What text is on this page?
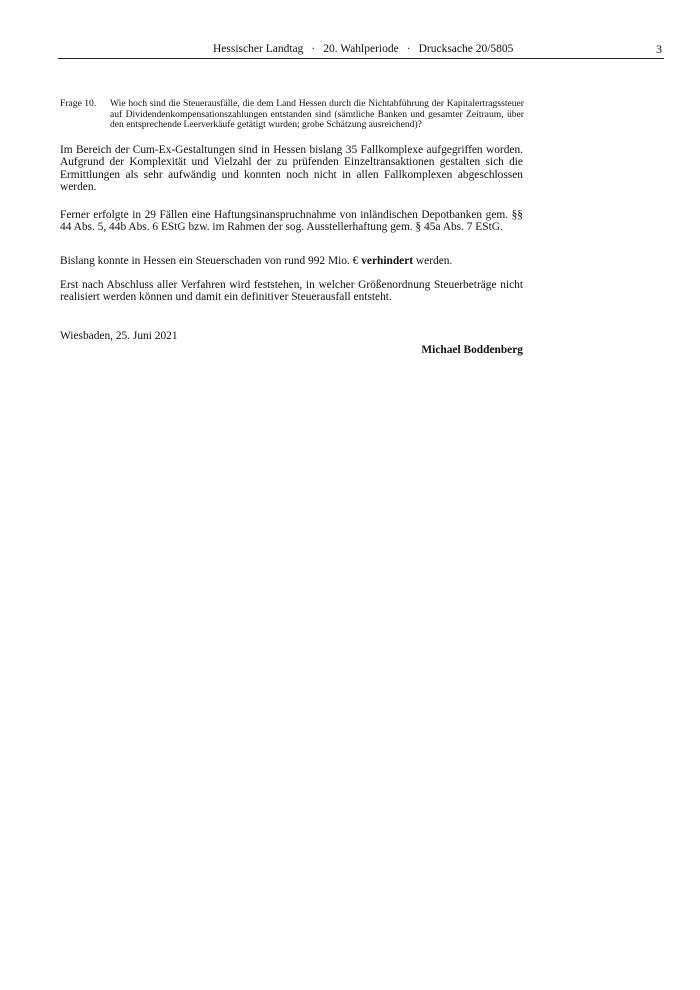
Hessischer Landtag · 20. Wahlperiode · Drucksache 20/5805	3
Frage 10. Wie hoch sind die Steuerausfälle, die dem Land Hessen durch die Nichtabführung der Kapitalertragssteuer auf Dividendenkompensationszahlungen entstanden sind (sämtliche Banken und gesamter Zeitraum, über den entsprechende Leerverkäufe getätigt wurden; grobe Schätzung ausreichend)?

Im Bereich der Cum-Ex-Gestaltungen sind in Hessen bislang 35 Fallkomplexe aufgegriffen worden. Aufgrund der Komplexität und Vielzahl der zu prüfenden Einzeltransaktionen gestalten sich die Ermittlungen als sehr aufwändig und konnten noch nicht in allen Fallkomplexen abgeschlossen werden.

Ferner erfolgte in 29 Fällen eine Haftungsinanspruchnahme von inländischen Depotbanken gem. §§ 44 Abs. 5, 44b Abs. 6 EStG bzw. im Rahmen der sog. Ausstellerhaftung gem. § 45a Abs. 7 EStG.

Bislang konnte in Hessen ein Steuerschaden von rund 992 Mio. € verhindert werden.

Erst nach Abschluss aller Verfahren wird feststehen, in welcher Größenordnung Steuerbeträge nicht realisiert werden können und damit ein definitiver Steuerausfall entsteht.

Wiesbaden, 25. Juni 2021
Michael Boddenberg
